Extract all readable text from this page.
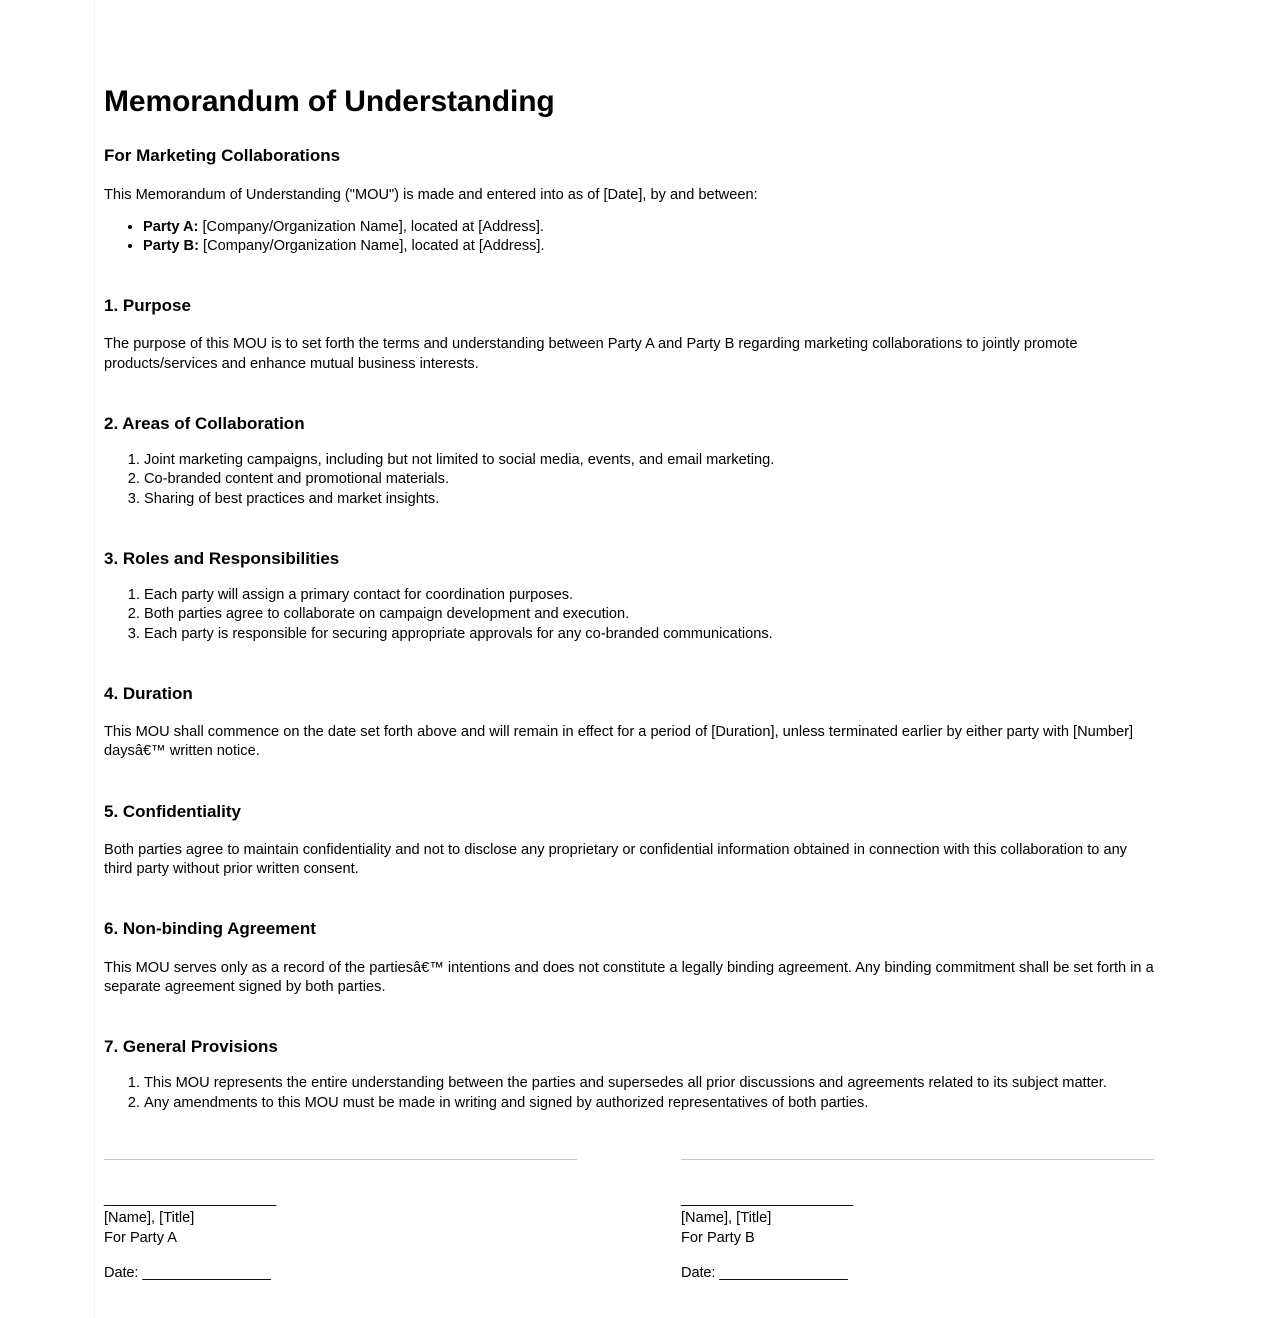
Memorandum of Understanding
For Marketing Collaborations

This Memorandum of Understanding ("MOU") is made and entered into as of [Date], by and between:

• Party A: [Company/Organization Name], located at [Address].
• Party B: [Company/Organization Name], located at [Address].
1. Purpose

The purpose of this MOU is to set forth the terms and understanding between Party A and Party B regarding marketing collaborations to jointly promote products/services and enhance mutual business interests.

2. Areas of Collaboration
1. Joint marketing campaigns, including but not limited to social media, events, and email marketing.
2. Co-branded content and promotional materials.
3. Sharing of best practices and market insights.
3. Roles and Responsibilities
1. Each party will assign a primary contact for coordination purposes.
2. Both parties agree to collaborate on campaign development and execution.
3. Each party is responsible for securing appropriate approvals for any co-branded communications.
4. Duration

This MOU shall commence on the date set forth above and will remain in effect for a period of [Duration], unless terminated earlier by either party with [Number] daysâ€™ written notice.

5. Confidentiality

Both parties agree to maintain confidentiality and not to disclose any proprietary or confidential information obtained in connection with this collaboration to any third party without prior written consent.

6. Non-binding Agreement

This MOU serves only as a record of the partiesâ€™ intentions and does not constitute a legally binding agreement. Any binding commitment shall be set forth in a separate agreement signed by both parties.

7. General Provisions
1. This MOU represents the entire understanding between the parties and supersedes all prior discussions and agreements related to its subject matter.
2. Any amendments to this MOU must be made in writing and signed by authorized representatives of both parties.

______________________

[Name], [Title]

For Party A

Date: ________________

______________________

[Name], [Title]

For Party B

Date: ________________
